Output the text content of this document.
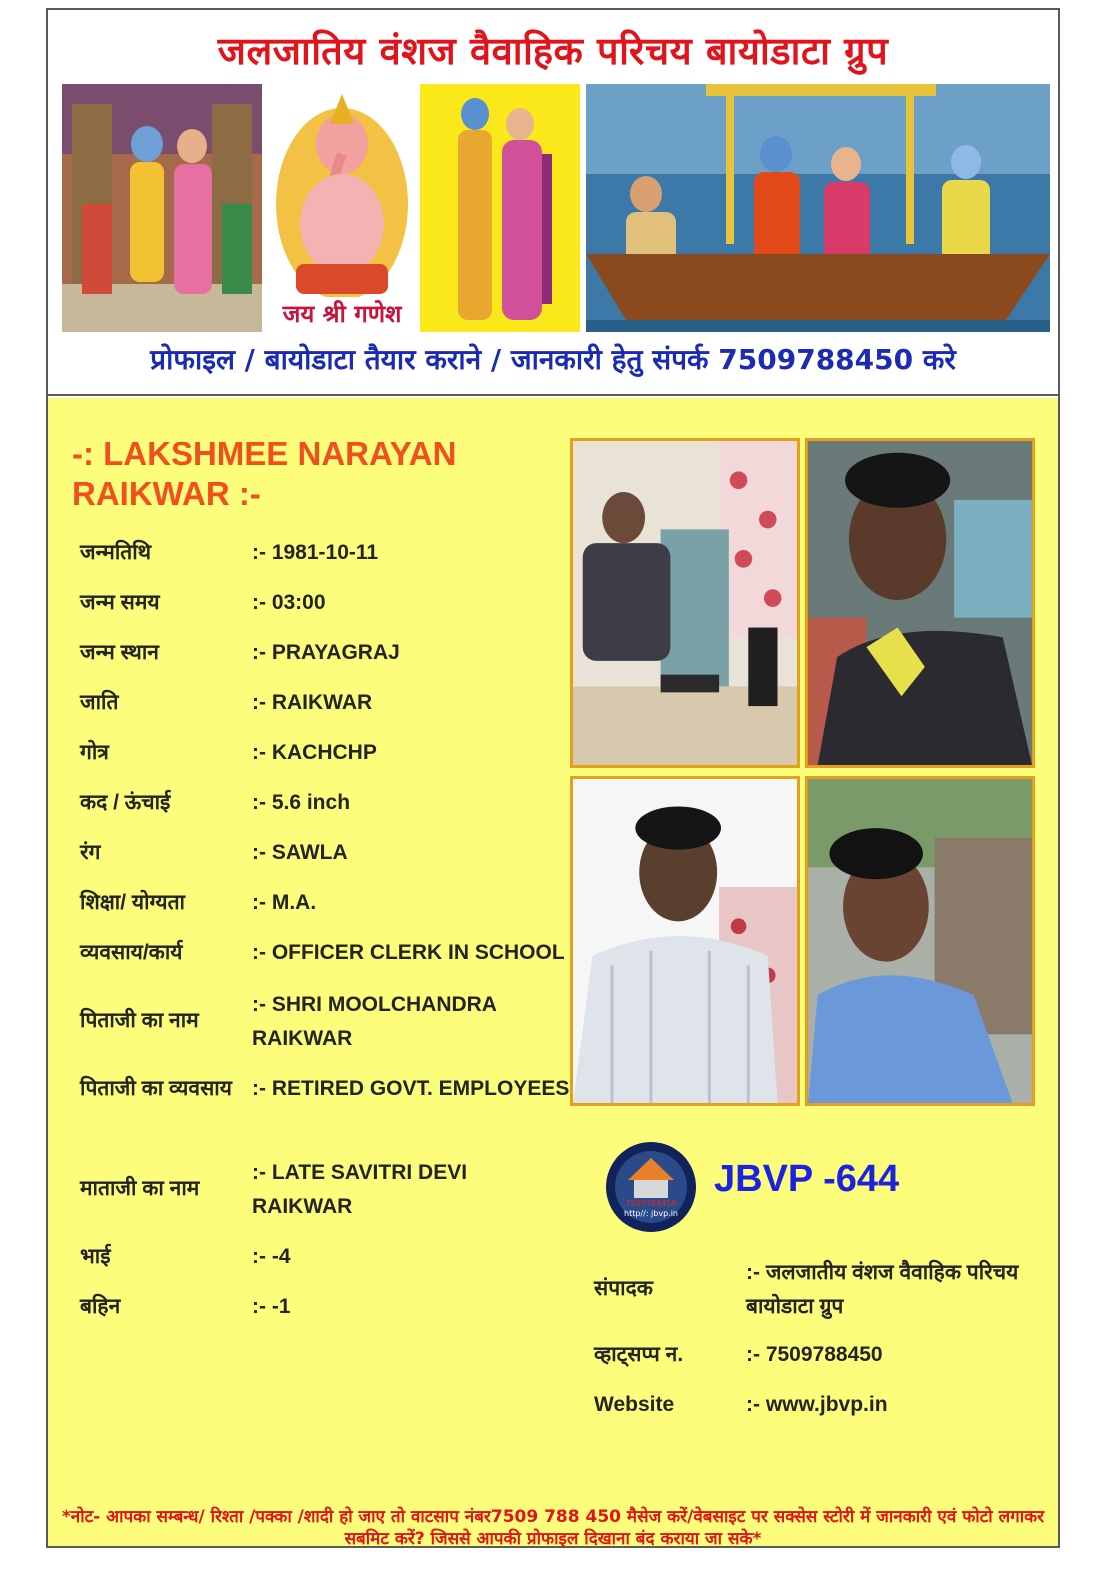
जलजातिय वंशज वैवाहिक परिचय बायोडाटा ग्रुप
जय श्री गणेश
प्रोफाइल / बायोडाटा तैयार कराने / जानकारी हेतु संपर्क 7509788450 करे
-: LAKSHMEE NARAYAN RAIKWAR :-
जन्मतिथि	:- 1981-10-11
जन्म समय	:- 03:00
जन्म स्थान	:- PRAYAGRAJ
जाति	:- RAIKWAR
गोत्र	:- KACHCHP
कद / ऊंचाई	:- 5.6 inch
रंग	:- SAWLA
शिक्षा/ योग्यता	:- M.A.
व्यवसाय/कार्य	:- OFFICER CLERK IN SCHOOL
पिताजी का नाम
:- SHRI MOOLCHANDRA RAIKWAR
पिताजी का व्यवसाय :- RETIRED GOVT. EMPLOYEES
माताजी का नाम
:- LATE SAVITRI DEVI RAIKWAR
भाई	:- -4
बहिन	:- -1
7509788450
http//: jbvp.in
JBVP -644
संपादक
:- जलजातीय वंशज वैवाहिक परिचय बायोडाटा ग्रुप
व्हाट्सप्प न.	:- 7509788450
Website	:- www.jbvp.in
*नोट- आपका सम्बन्ध/ रिश्ता /पक्का /शादी हो जाए तो वाटसाप नंबर7509 788 450 मैसेज करें/वेबसाइट पर सक्सेस स्टोरी में जानकारी एवं फोटो लगाकर सबमिट करें? जिससे आपकी प्रोफाइल दिखाना बंद कराया जा सके*
